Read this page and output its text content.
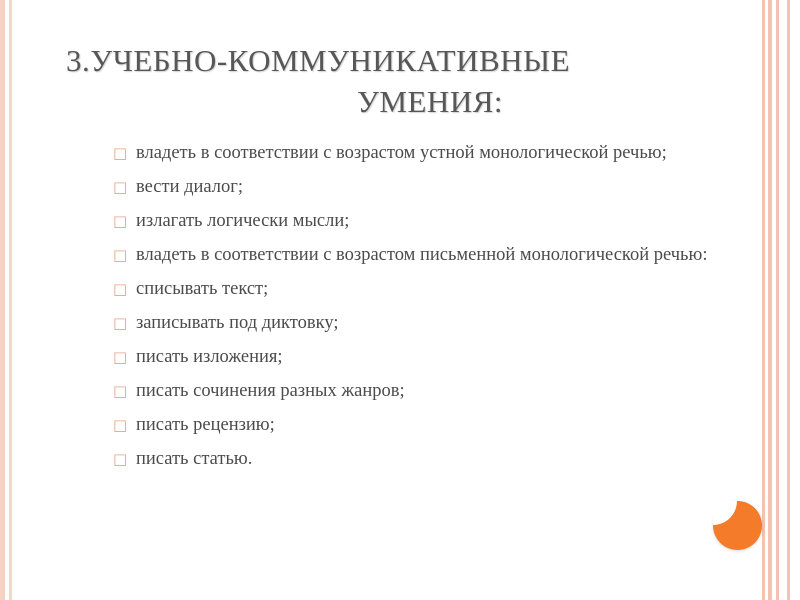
3.УЧЕБНО-КОММУНИКАТИВНЫЕ
УМЕНИЯ:
□ владеть в соответствии с возрастом устной монологической речью;
□ вести диалог;
□ излагать логически мысли;
□ владеть в соответствии с возрастом письменной монологической речью:
□ списывать текст;
□ записывать под диктовку;
□ писать изложения;
□ писать сочинения разных жанров;
□ писать рецензию;
□ писать статью.
